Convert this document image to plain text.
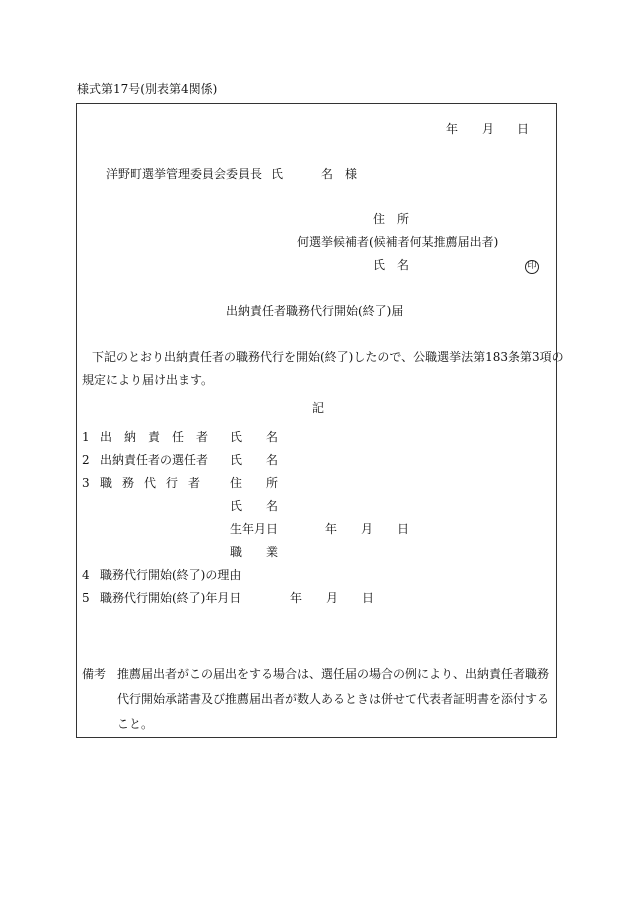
様式第17号(別表第4関係)
年 月 日
洋野町選挙管理委員会委員長 氏	名 様
住　所
何選挙候補者(候補者何某推薦届出者)
氏　名	印
出納責任者職務代行開始(終了)届
下記のとおり出納責任者の職務代行を開始(終了)したので、公職選挙法第183条第3項の
規定により届け出ます。
記
1 出納責任者 氏 名
2 出納責任者の選任者 氏 名
3 職務代行者 住 所
氏 名
生年月日	年 月 日
職 業
4 職務代行開始(終了)の理由
5 職務代行開始(終了)年月日	年 月 日
備考 推薦届出者がこの届出をする場合は、選任届の場合の例により、出納責任者職務代行開始承諾書及び推薦届出者が数人あるときは併せて代表者証明書を添付すること。
